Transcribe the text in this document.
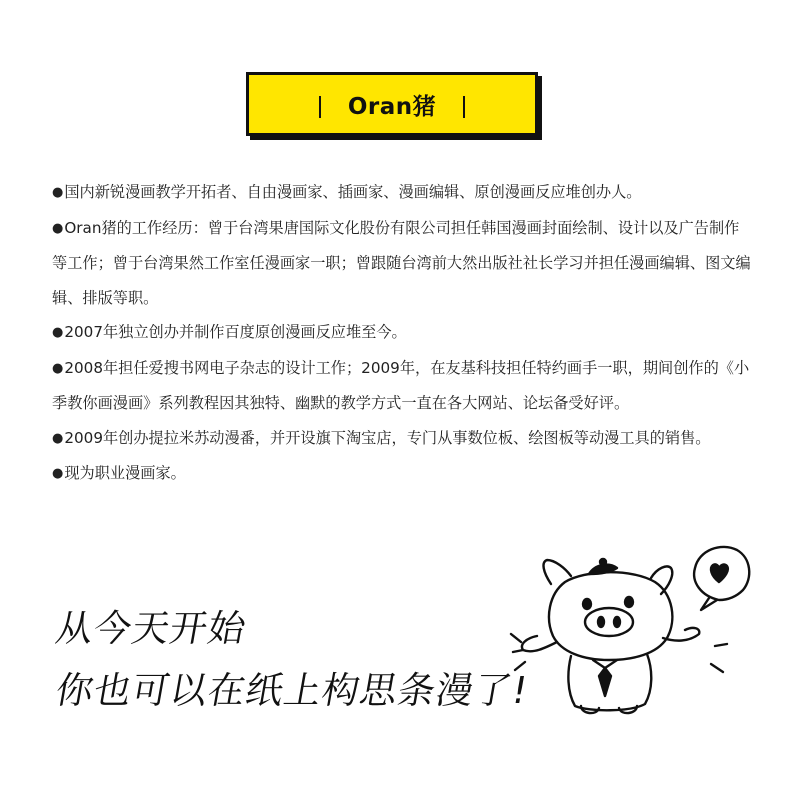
Oran猪

●国内新锐漫画教学开拓者、自由漫画家、插画家、漫画编辑、原创漫画反应堆创办人。

●Oran猪的工作经历：曾于台湾果唐国际文化股份有限公司担任韩国漫画封面绘制、设计以及广告制作等工作；曾于台湾果然工作室任漫画家一职；曾跟随台湾前大然出版社社长学习并担任漫画编辑、图文编辑、排版等职。

●2007年独立创办并制作百度原创漫画反应堆至今。

●2008年担任爱搜书网电子杂志的设计工作；2009年，在友基科技担任特约画手一职，期间创作的《小季教你画漫画》系列教程因其独特、幽默的教学方式一直在各大网站、论坛备受好评。

●2009年创办提拉米苏动漫番，并开设旗下淘宝店，专门从事数位板、绘图板等动漫工具的销售。

●现为职业漫画家。

从今天开始
你也可以在纸上构思条漫了!
